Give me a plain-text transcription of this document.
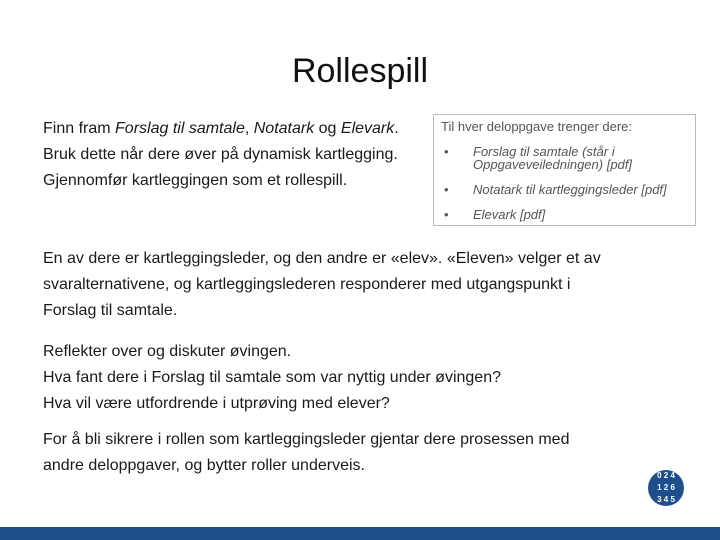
Rollespill
Finn fram Forslag til samtale, Notatark og Elevark. Bruk dette når dere øver på dynamisk kartlegging. Gjennomfør kartleggingen som et rollespill.
Til hver deloppgave trenger dere:
• Forslag til samtale (står i Oppgaveveiledningen) [pdf]
• Notatark til kartleggingsleder [pdf]
• Elevark [pdf]
En av dere er kartleggingsleder, og den andre er «elev». «Eleven» velger et av svaralternativene, og kartleggingslederen responderer med utgangspunkt i Forslag til samtale.
Reflekter over og diskuter øvingen.
Hva fant dere i Forslag til samtale som var nyttig under øvingen?
Hva vil være utfordrende i utprøving med elever?
For å bli sikrere i rollen som kartleggingsleder gjentar dere prosessen med andre deloppgaver, og bytter roller underveis.
0 2 4
1 2 6
3 4 5
